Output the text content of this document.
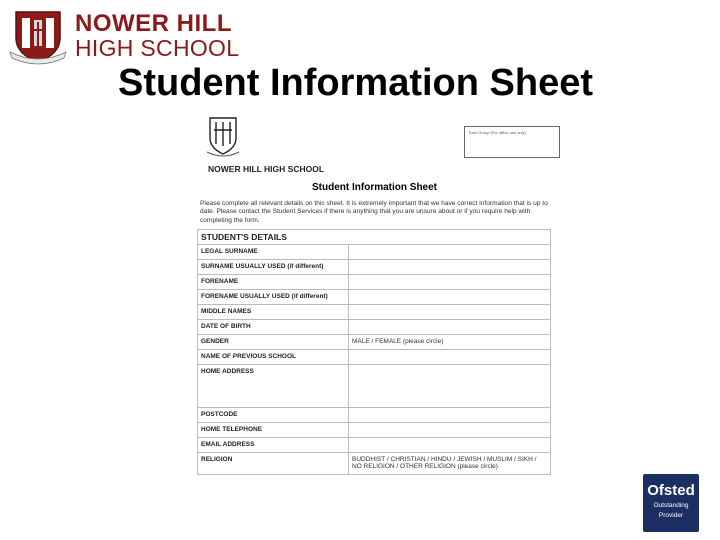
NOWER HILL
HIGH SCHOOL
Student Information Sheet
NOWER HILL HIGH SCHOOL
Tutor Group (For office use only)
Student Information Sheet
Please complete all relevant details on this sheet. It is extremely important that we have correct information that is up to date. Please contact the Student Services if there is anything that you are unsure about or if you require help with completing the form.
STUDENT'S DETAILS	
LEGAL SURNAME	
SURNAME USUALLY USED (if different)	
FORENAME	
FORENAME USUALLY USED (if different)	
MIDDLE NAMES	
DATE OF BIRTH	
GENDER	MALE / FEMALE (please circle)
NAME OF PREVIOUS SCHOOL	
HOME ADDRESS	
POSTCODE	
HOME TELEPHONE	
EMAIL ADDRESS	
RELIGION	BUDDHIST / CHRISTIAN / HINDU / JEWISH / MUSLIM / SIKH / NO RELIGION / OTHER RELIGION (please circle)
Ofsted
Outstanding
Provider
